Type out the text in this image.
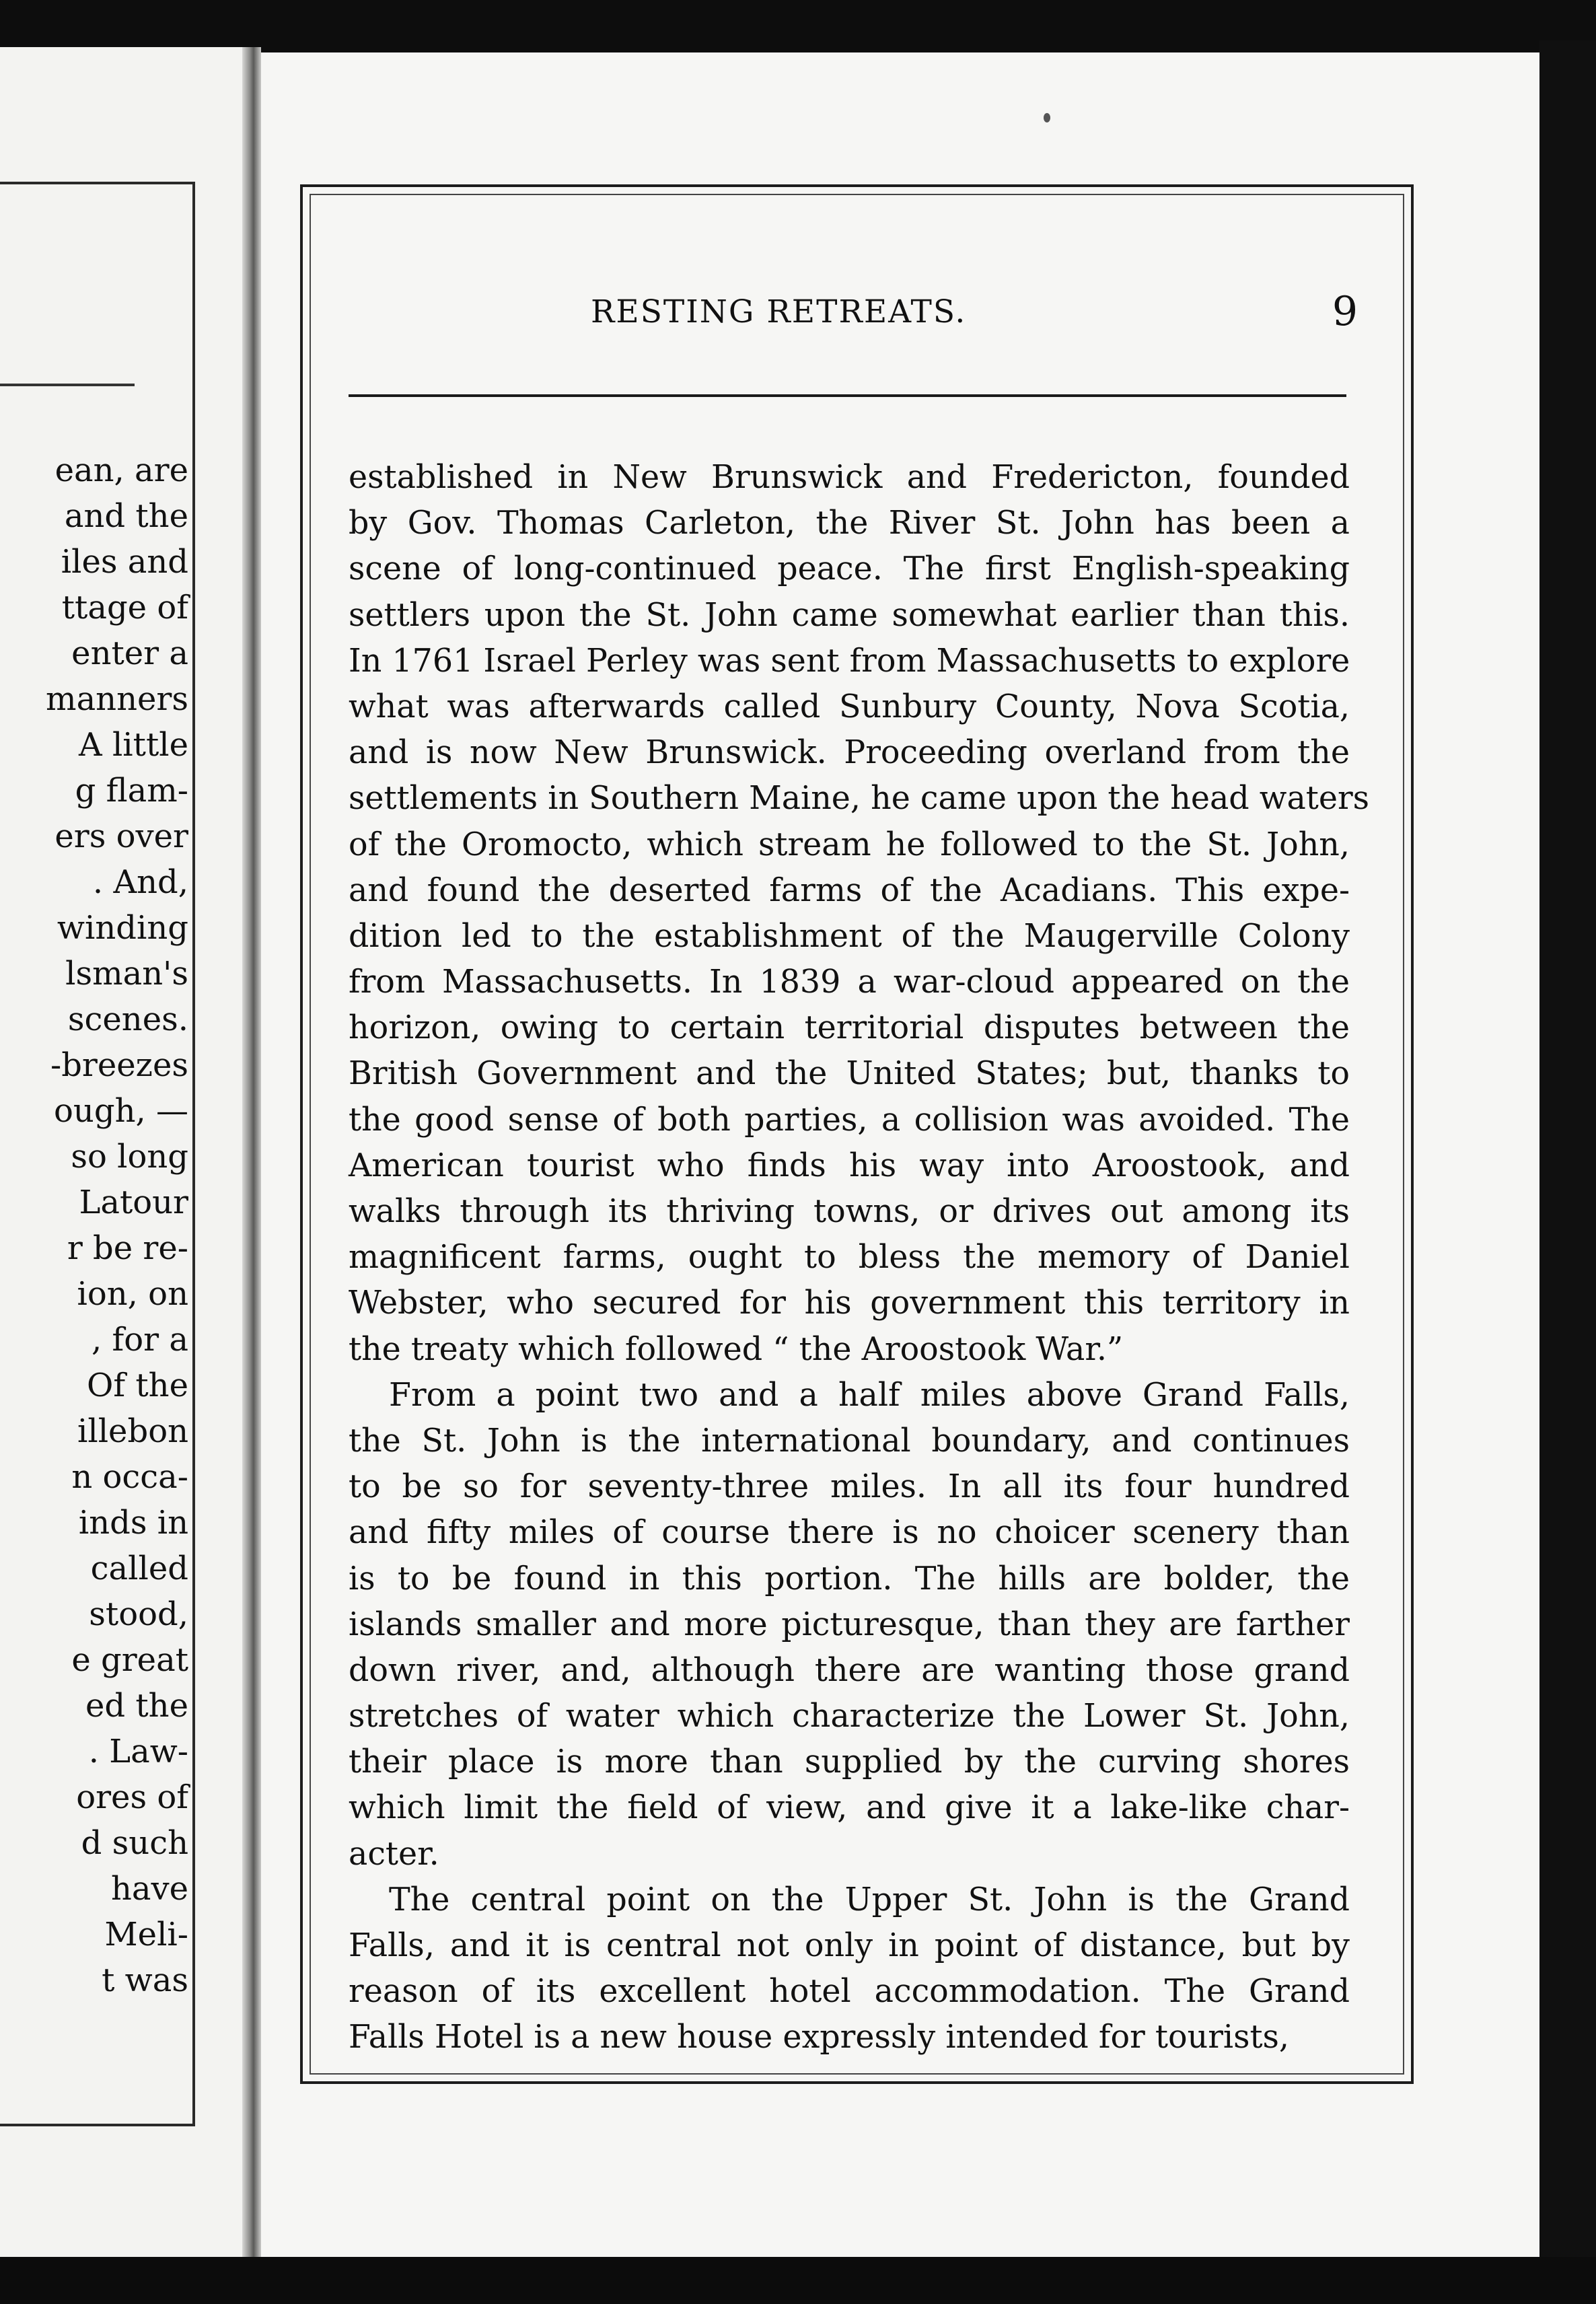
ean, are
and the
iles and
ttage of
enter a
manners
A little
g flam-
ers over
. And,
winding
lsman's
scenes.
-breezes
ough, —
so long
Latour
r be re-
ion, on
, for a
Of the
illebon
n occa-
inds in
called
stood,
e great
ed the
. Law-
ores of
d such
have
Meli-
t was
RESTING RETREATS.	9
established in New Brunswick and Fredericton, founded
by Gov. Thomas Carleton, the River St. John has been a
scene of long-continued peace. The first English-speaking
settlers upon the St. John came somewhat earlier than this.
In 1761 Israel Perley was sent from Massachusetts to explore
what was afterwards called Sunbury County, Nova Scotia,
and is now New Brunswick. Proceeding overland from the
settlements in Southern Maine, he came upon the head waters
of the Oromocto, which stream he followed to the St. John,
and found the deserted farms of the Acadians. This expe-
dition led to the establishment of the Maugerville Colony
from Massachusetts. In 1839 a war-cloud appeared on the
horizon, owing to certain territorial disputes between the
British Government and the United States; but, thanks to
the good sense of both parties, a collision was avoided. The
American tourist who finds his way into Aroostook, and
walks through its thriving towns, or drives out among its
magnificent farms, ought to bless the memory of Daniel
Webster, who secured for his government this territory in
the treaty which followed “ the Aroostook War.”
From a point two and a half miles above Grand Falls,
the St. John is the international boundary, and continues
to be so for seventy-three miles. In all its four hundred
and fifty miles of course there is no choicer scenery than
is to be found in this portion. The hills are bolder, the
islands smaller and more picturesque, than they are farther
down river, and, although there are wanting those grand
stretches of water which characterize the Lower St. John,
their place is more than supplied by the curving shores
which limit the field of view, and give it a lake-like char-
acter.
The central point on the Upper St. John is the Grand
Falls, and it is central not only in point of distance, but by
reason of its excellent hotel accommodation. The Grand
Falls Hotel is a new house expressly intended for tourists,
